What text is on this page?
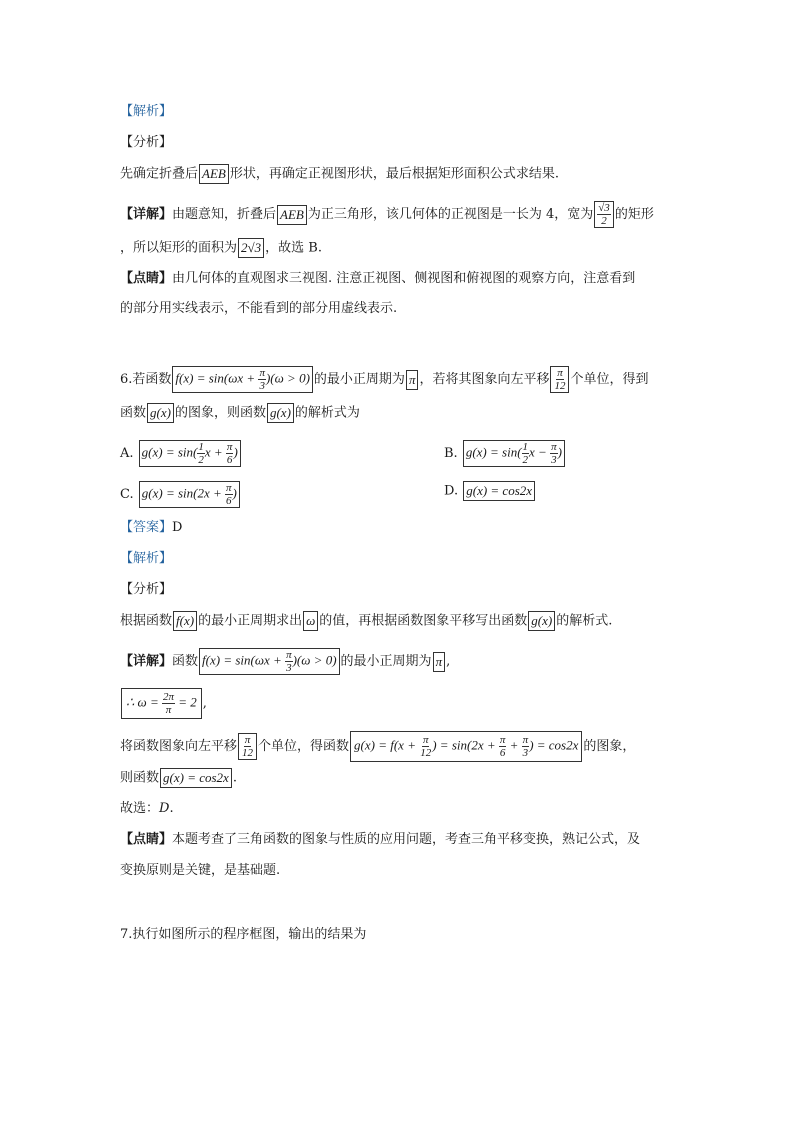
【解析】
【分析】
先确定折叠后 AEB 形状，再确定正视图形状，最后根据矩形面积公式求结果.
【详解】由题意知，折叠后 AEB 为正三角形，该几何体的正视图是一长为 4，宽为 $\frac{√3}{2}$ 的矩形
，所以矩形的面积为 2√3 ，故选 B.
【点睛】由几何体的直观图求三视图. 注意正视图、侧视图和俯视图的观察方向，注意看到
的部分用实线表示，不能看到的部分用虚线表示.
6.若函数 $f(x) = \sin(\omega x + \frac{\pi}{3} )(\omega > 0)$ 的最小正周期为 π ，若将其图象向左平移 $\frac{\pi}{12}$ 个单位，得到
函数 g(x) 的图象，则函数 g(x) 的解析式为
A. $g(x) = \sin( \frac{1}{2}$ $x + \frac{\pi}{6}$ )	B. $g(x) = \sin( \frac{1}{2}$ $x - \frac{\pi}{3}$ )
C. $g(x) = \sin(2x + \frac{\pi}{6}$ )	D. g(x) = cos2x
【答案】D
【解析】
【分析】
根据函数 f(x) 的最小正周期求出 ω 的值，再根据函数图象平移写出函数 g(x) 的解析式.
【详解】函数 $f(x) = \sin(\omega x + \frac{\pi}{3} )(\omega > 0)$ 的最小正周期为 π ,
∴ $\omega = \frac{2\pi}{\pi} = 2$ ,
将函数图象向左平移 $\frac{\pi}{12}$ 个单位，得函数 $g(x) = f(x + \frac{\pi}{12}$ ) = $\sin(2x + \frac{\pi}{6} + \frac{\pi}{3}$ ) = cos2x 的图象，
则函数 g(x) = cos2x .
故选：D.
【点睛】本题考查了三角函数的图象与性质的应用问题，考查三角平移变换，熟记公式，及
变换原则是关键，是基础题.
7.执行如图所示的程序框图，输出的结果为
